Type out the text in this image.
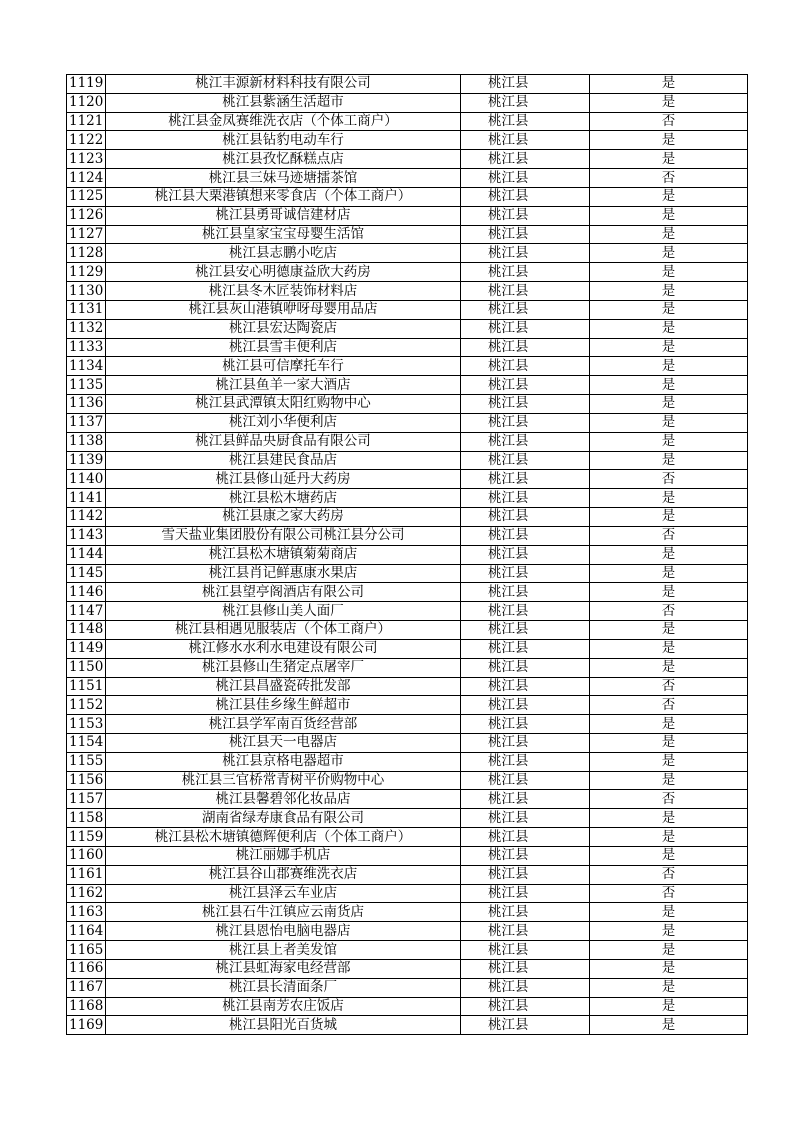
1119	桃江丰源新材料科技有限公司	桃江县	是
1120	桃江县紫涵生活超市	桃江县	是
1121	桃江县金凤赛维洗衣店（个体工商户）	桃江县	否
1122	桃江县钻豹电动车行	桃江县	是
1123	桃江县孜忆酥糕点店	桃江县	是
1124	桃江县三妹马迹塘擂茶馆	桃江县	否
1125	桃江县大栗港镇想来零食店（个体工商户）	桃江县	是
1126	桃江县勇哥诚信建材店	桃江县	是
1127	桃江县皇家宝宝母婴生活馆	桃江县	是
1128	桃江县志鹏小吃店	桃江县	是
1129	桃江县安心明德康益欣大药房	桃江县	是
1130	桃江县冬木匠装饰材料店	桃江县	是
1131	桃江县灰山港镇咿呀母婴用品店	桃江县	是
1132	桃江县宏达陶瓷店	桃江县	是
1133	桃江县雪丰便利店	桃江县	是
1134	桃江县可信摩托车行	桃江县	是
1135	桃江县鱼羊一家大酒店	桃江县	是
1136	桃江县武潭镇太阳红购物中心	桃江县	是
1137	桃江刘小华便利店	桃江县	是
1138	桃江县鲜品央厨食品有限公司	桃江县	是
1139	桃江县建民食品店	桃江县	是
1140	桃江县修山延丹大药房	桃江县	否
1141	桃江县松木塘药店	桃江县	是
1142	桃江县康之家大药房	桃江县	是
1143	雪天盐业集团股份有限公司桃江县分公司	桃江县	否
1144	桃江县松木塘镇菊菊商店	桃江县	是
1145	桃江县肖记鲜惠康水果店	桃江县	是
1146	桃江县望亭阁酒店有限公司	桃江县	是
1147	桃江县修山美人面厂	桃江县	否
1148	桃江县相遇见服装店（个体工商户）	桃江县	是
1149	桃江修水水利水电建设有限公司	桃江县	是
1150	桃江县修山生猪定点屠宰厂	桃江县	是
1151	桃江县昌盛瓷砖批发部	桃江县	否
1152	桃江县佳乡缘生鲜超市	桃江县	否
1153	桃江县学军南百货经营部	桃江县	是
1154	桃江县天一电器店	桃江县	是
1155	桃江县京格电器超市	桃江县	是
1156	桃江县三官桥常青树平价购物中心	桃江县	是
1157	桃江县馨碧邻化妆品店	桃江县	否
1158	湖南省绿寿康食品有限公司	桃江县	是
1159	桃江县松木塘镇德辉便利店（个体工商户）	桃江县	是
1160	桃江丽娜手机店	桃江县	是
1161	桃江县谷山郡赛维洗衣店	桃江县	否
1162	桃江县泽云车业店	桃江县	否
1163	桃江县石牛江镇应云南货店	桃江县	是
1164	桃江县恩怡电脑电器店	桃江县	是
1165	桃江县上者美发馆	桃江县	是
1166	桃江县虹海家电经营部	桃江县	是
1167	桃江县长清面条厂	桃江县	是
1168	桃江县南芳农庄饭店	桃江县	是
1169	桃江县阳光百货城	桃江县	是
